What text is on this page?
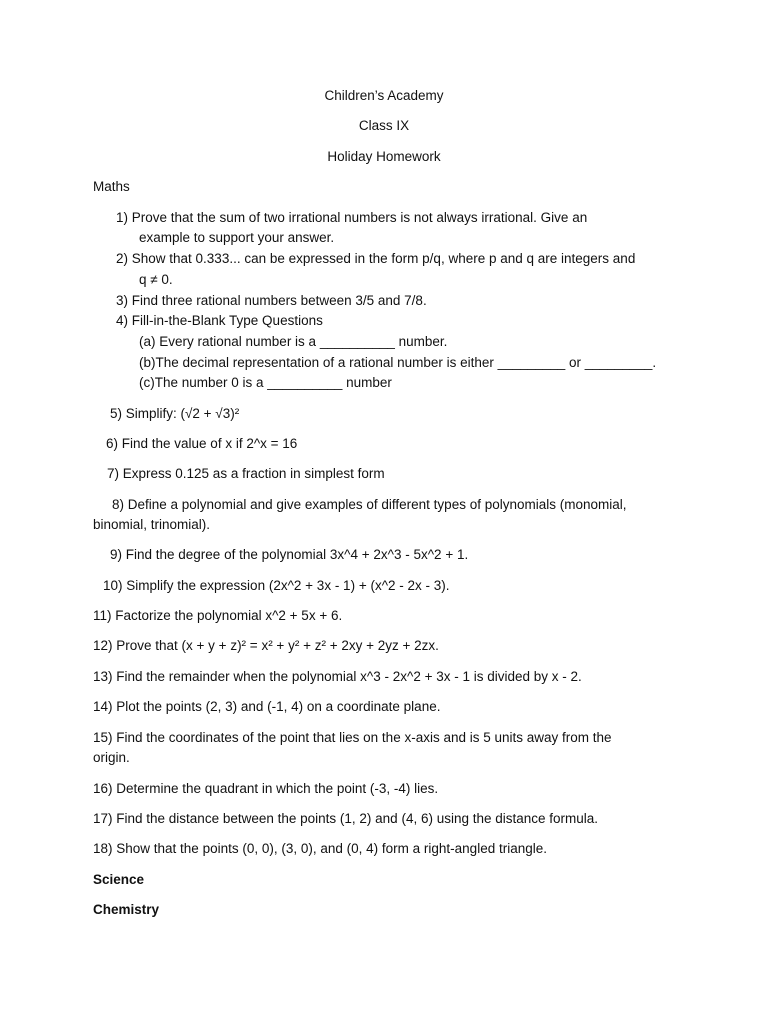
Children’s Academy
Class IX
Holiday Homework
Maths
1) Prove that the sum of two irrational numbers is not always irrational. Give an
example to support your answer.
2) Show that 0.333... can be expressed in the form p/q, where p and q are integers and
q ≠ 0.
3) Find three rational numbers between 3/5 and 7/8.
4) Fill-in-the-Blank Type Questions
(a) Every rational number is a __________ number.
(b)The decimal representation of a rational number is either _________ or _________.
(c)The number 0 is a __________ number
5) Simplify: (√2 + √3)²
6) Find the value of x if 2^x = 16
7) Express 0.125 as a fraction in simplest form
8) Define a polynomial and give examples of different types of polynomials (monomial,
binomial, trinomial).
9) Find the degree of the polynomial 3x^4 + 2x^3 - 5x^2 + 1.
10) Simplify the expression (2x^2 + 3x - 1) + (x^2 - 2x - 3).
11) Factorize the polynomial x^2 + 5x + 6.
12) Prove that (x + y + z)² = x² + y² + z² + 2xy + 2yz + 2zx.
13) Find the remainder when the polynomial x^3 - 2x^2 + 3x - 1 is divided by x - 2.
14) Plot the points (2, 3) and (-1, 4) on a coordinate plane.
15) Find the coordinates of the point that lies on the x-axis and is 5 units away from the
origin.
16) Determine the quadrant in which the point (-3, -4) lies.
17) Find the distance between the points (1, 2) and (4, 6) using the distance formula.
18) Show that the points (0, 0), (3, 0), and (0, 4) form a right-angled triangle.
Science
Chemistry
